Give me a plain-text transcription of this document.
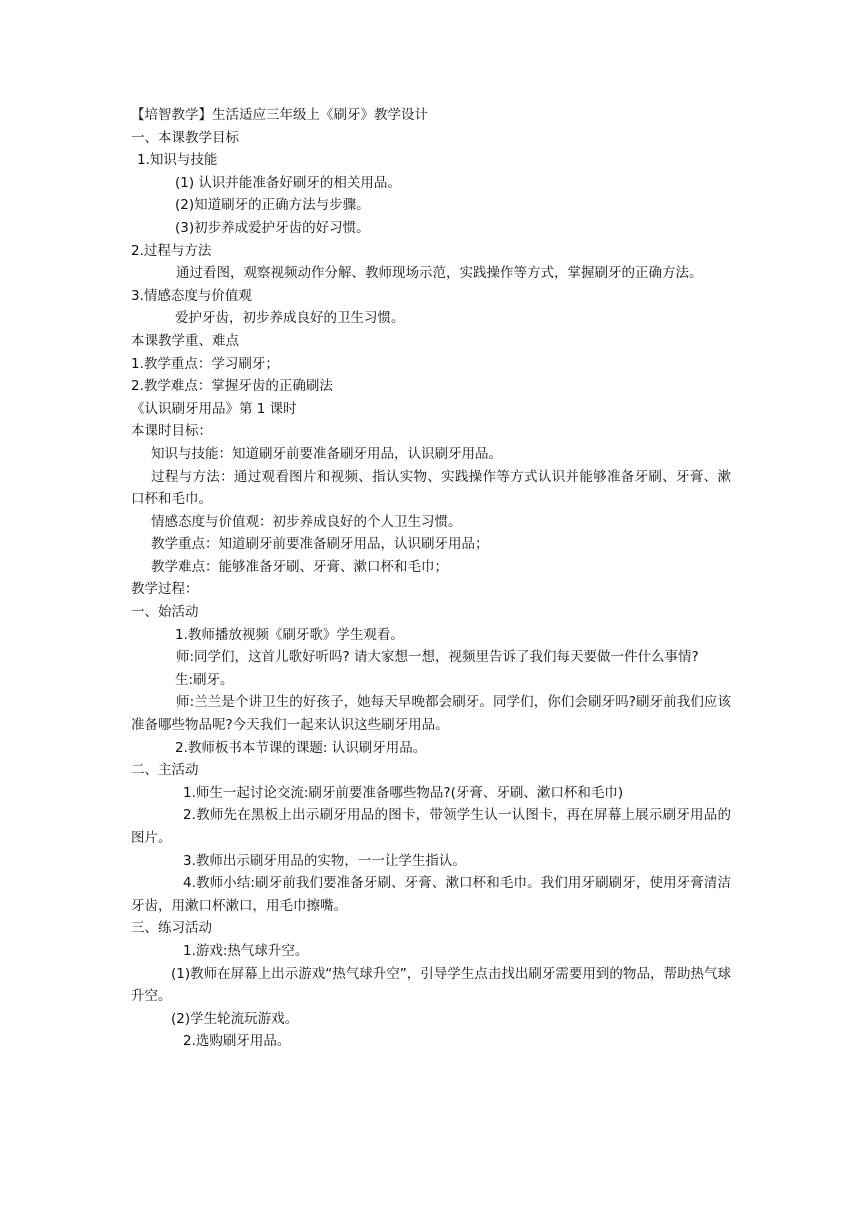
【培智教学】生活适应三年级上《刷牙》教学设计
一、本课教学目标
1.知识与技能
(1) 认识并能准备好刷牙的相关用品。
(2)知道刷牙的正确方法与步骤。
(3)初步养成爱护牙齿的好习惯。
2.过程与方法
通过看图，观察视频动作分解、教师现场示范，实践操作等方式，掌握刷牙的正确方法。
3.情感态度与价值观
爱护牙齿，初步养成良好的卫生习惯。
本课教学重、难点
1.教学重点：学习刷牙；
2.教学难点：掌握牙齿的正确刷法
《认识刷牙用品》第 1 课时
本课时目标：
知识与技能：知道刷牙前要准备刷牙用品，认识刷牙用品。
过程与方法：通过观看图片和视频、指认实物、实践操作等方式认识并能够准备牙刷、牙膏、漱口杯和毛巾。
情感态度与价值观：初步养成良好的个人卫生习惯。
教学重点：知道刷牙前要准备刷牙用品，认识刷牙用品；
教学难点：能够准备牙刷、牙膏、漱口杯和毛巾；
教学过程：
一、始活动
1.教师播放视频《刷牙歌》学生观看。
师:同学们，这首儿歌好听吗? 请大家想一想，视频里告诉了我们每天要做一件什么事情?
生:刷牙。
师:兰兰是个讲卫生的好孩子，她每天早晚都会刷牙。同学们，你们会刷牙吗?刷牙前我们应该准备哪些物品呢?今天我们一起来认识这些刷牙用品。
2.教师板书本节课的课题: 认识刷牙用品。
二、主活动
1.师生一起讨论交流:刷牙前要准备哪些物品?(牙膏、牙刷、漱口杯和毛巾)
2.教师先在黑板上出示刷牙用品的图卡，带领学生认一认图卡，再在屏幕上展示刷牙用品的图片。
3.教师出示刷牙用品的实物，一一让学生指认。
4.教师小结:刷牙前我们要准备牙刷、牙膏、漱口杯和毛巾。我们用牙刷刷牙，使用牙膏清洁牙齿，用漱口杯漱口，用毛巾擦嘴。
三、练习活动
1.游戏:热气球升空。
(1)教师在屏幕上出示游戏“热气球升空”，引导学生点击找出刷牙需要用到的物品，帮助热气球升空。
(2)学生轮流玩游戏。
2.选购刷牙用品。
